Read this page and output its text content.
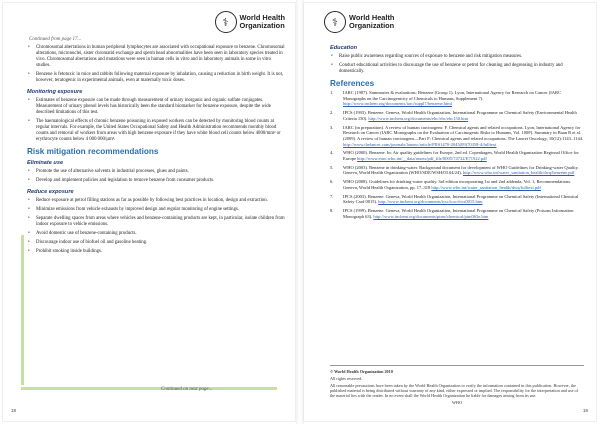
⚕	World Health
Organization
Continued from page 17...

• Chromosomal aberrations in human peripheral lymphocytes are associated with occupational exposure to benzene. Chromosomal alterations, micronuclei, sister chromatid exchange and sperm head abnormalities have been seen in laboratory species treated in vivo. Chromosomal aberrations and mutations were seen in human cells in vitro and in laboratory animals in some in vitro studies.

• Benzene is fetotoxic in mice and rabbits following maternal exposure by inhalation, causing a reduction in birth weight. It is not, however, teratogenic in experimental animals, even at maternally toxic doses.

Monitoring exposure

• Estimates of benzene exposure can be made through measurement of urinary inorganic and organic sulfate conjugates. Measurement of urinary phenol levels has historically been the standard biomarker for benzene exposure, despite the wide described limitations of this test.

• The haematological effects of chronic benzene poisoning in exposed workers can be detected by monitoring blood counts at regular intervals. For example, the United States Occupational Safety and Health Administration recommends monthly blood counts and removal of workers from areas with high benzene exposure if they have white blood cell counts below 4000/mm³ or erythrocyte counts below 4 000 000/µm³.

Risk mitigation recommendations
Eliminate use

• Promote the use of alternative solvents in industrial processes, glues and paints.

• Develop and implement policies and legislation to remove benzene from consumer products.

Reduce exposure

• Reduce exposure at petrol filling stations as far as possible by following best practices in location, design and extraction.

• Minimize emissions from vehicle exhausts by improved design and regular monitoring of engine settings.

• Separate dwelling spaces from areas where vehicles and benzene-containing products are kept, in particular, isolate children from indoor exposure to vehicle emissions.

• Avoid domestic use of benzene-containing products.

• Discourage indoor use of biofuel oil and gasoline heating.

• Prohibit smoking inside buildings.

Continued on next page...
18
⚕	World Health
Organization
Education

• Raise public awareness regarding sources of exposure to benzene and risk mitigation measures.

• Conduct educational activities to discourage the use of benzene or petrol for cleaning and degreasing in industry and domestically.

References
1. IARC (1987). Summaries & evaluations: Benzene (Group 1). Lyon, International Agency for Research on Cancer (IARC Monographs on the Carcinogenicity of Chemicals to Humans, Supplement 7). http://www.inchem.org/documents/iarc/suppl7/benzene.html
2. IPCS (1993). Benzene. Geneva, World Health Organization, International Programme on Chemical Safety (Environmental Health Criteria 150). http://www.inchem.org/documents/ehc/ehc/ehc150.htm
3. IARC (in preparation). A review of human carcinogens: F. Chemical agents and related occupations. Lyon, International Agency for Research on Cancer (IARC Monographs on the Evaluation of Carcinogenic Risks to Humans, Vol. 100F). Summary in Baan R et al. (2009). A review of human carcinogens—Part F: Chemical agents and related occupations. The Lancet Oncology, 10(12):1143–1144. http://www.thelancet.com/journals/lanonc/article/PIIS1470-2045(09)70358-4/fulltext
4. WHO (2000). Benzene. In: Air quality guidelines for Europe, 2nd ed. Copenhagen, World Health Organization Regional Office for Europe http://www.euro.who.int/__data/assets/pdf_file/0005/74732/E71922.pdf
5. WHO (2003). Benzene in drinking-water. Background document for development of WHO Guidelines for Drinking-water Quality. Geneva, World Health Organization (WHO/SDE/WSH/03.04/24). http://www.who.int/water_sanitation_health/dwq/benzene.pdf
6. WHO (2008). Guidelines for drinking-water quality. 3rd edition incorporating 1st and 2nd addenda, Vol. 1, Recommendations. Geneva, World Health Organization, pp. 17–318 http://www.who.int/water_sanitation_health/dwq/fulltext.pdf
7. IPCS (2003). Benzene. Geneva, World Health Organization, International Programme on Chemical Safety (International Chemical Safety Card 0015). http://www.inchem.org/documents/icsc/icsc/eics0015.htm
8. IPCS (1999). Benzene. Geneva, World Health Organization, International Programme on Chemical Safety (Poisons Information Monograph 63). http://www.inchem.org/documents/pims/chemical/pim063e.htm

© World Health Organization 2010

All rights reserved.

All reasonable precautions have been taken by the World Health Organization to verify the information contained in this publication. However, the published material is being distributed without warranty of any kind, either expressed or implied. The responsibility for the interpretation and use of the material lies with the reader. In no event shall the World Health Organization be liable for damages arising from its use.

WHO

19
